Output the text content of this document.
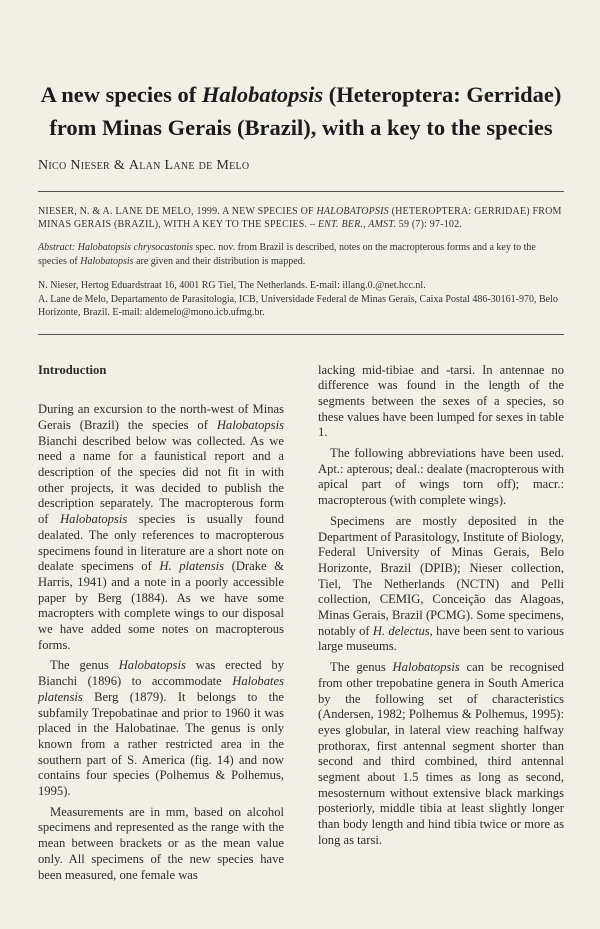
A new species of Halobatopsis (Heteroptera: Gerridae)
from Minas Gerais (Brazil), with a key to the species
Nico Nieser & Alan Lane de Melo
NIESER, N. & A. LANE DE MELO, 1999. A NEW SPECIES OF HALOBATOPSIS (HETEROPTERA: GERRIDAE) FROM MINAS GERAIS (BRAZIL), WITH A KEY TO THE SPECIES. – ENT. BER., AMST. 59 (7): 97-102.
Abstract: Halobatopsis chrysocastonis spec. nov. from Brazil is described, notes on the macropterous forms and a key to the species of Halobatopsis are given and their distribution is mapped.
N. Nieser, Hertog Eduardstraat 16, 4001 RG Tiel, The Netherlands. E-mail: illang.0.@net.hcc.nl.
A. Lane de Melo, Departamento de Parasitologia, ICB, Universidade Federal de Minas Gerais, Caixa Postal 486-30161-970, Belo Horizonte, Brazil. E-mail: aldemelo@mono.icb.ufmg.br.
Introduction

During an excursion to the north-west of Minas Gerais (Brazil) the species of Halobatopsis Bianchi described below was collected. As we need a name for a faunistical report and a description of the species did not fit in with other projects, it was decided to publish the description separately. The macropterous form of Halobatopsis species is usually found dealated. The only references to macropterous specimens found in literature are a short note on dealate specimens of H. platensis (Drake & Harris, 1941) and a note in a poorly accessible paper by Berg (1884). As we have some macropters with complete wings to our disposal we have added some notes on macropterous forms.

The genus Halobatopsis was erected by Bianchi (1896) to accommodate Halobates platensis Berg (1879). It belongs to the subfamily Trepobatinae and prior to 1960 it was placed in the Halobatinae. The genus is only known from a rather restricted area in the southern part of S. America (fig. 14) and now contains four species (Polhemus & Polhemus, 1995).

Measurements are in mm, based on alcohol specimens and represented as the range with the mean between brackets or as the mean value only. All specimens of the new species have been measured, one female was

lacking mid-tibiae and -tarsi. In antennae no difference was found in the length of the segments between the sexes of a species, so these values have been lumped for sexes in table 1.

The following abbreviations have been used. Apt.: apterous; deal.: dealate (macropterous with apical part of wings torn off); macr.: macropterous (with complete wings).

Specimens are mostly deposited in the Department of Parasitology, Institute of Biology, Federal University of Minas Gerais, Belo Horizonte, Brazil (DPIB); Nieser collection, Tiel, The Netherlands (NCTN) and Pelli collection, CEMIG, Conceição das Alagoas, Minas Gerais, Brazil (PCMG). Some specimens, notably of H. delectus, have been sent to various large museums.

The genus Halobatopsis can be recognised from other trepobatine genera in South America by the following set of characteristics (Andersen, 1982; Polhemus & Polhemus, 1995): eyes globular, in lateral view reaching halfway prothorax, first antennal segment shorter than second and third combined, third antennal segment about 1.5 times as long as second, mesosternum without extensive black markings posteriorly, middle tibia at least slightly longer than body length and hind tibia twice or more as long as tarsi.
